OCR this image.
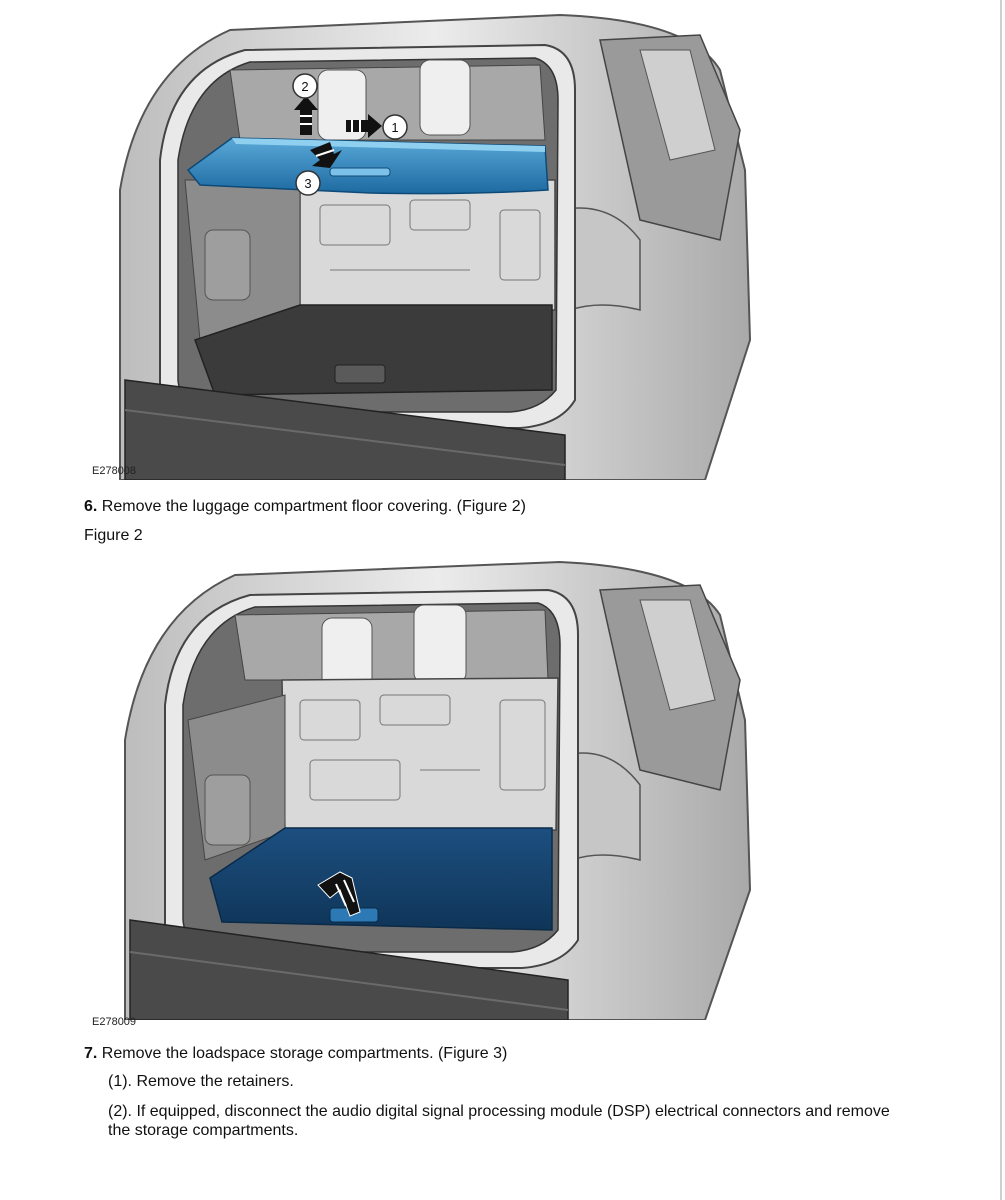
2
1
3
E278008
6. Remove the luggage compartment floor covering. (Figure 2)
Figure 2
E278009
7. Remove the loadspace storage compartments. (Figure 3)
(1). Remove the retainers.
(2). If equipped, disconnect the audio digital signal processing module (DSP) electrical connectors and remove the storage compartments.
